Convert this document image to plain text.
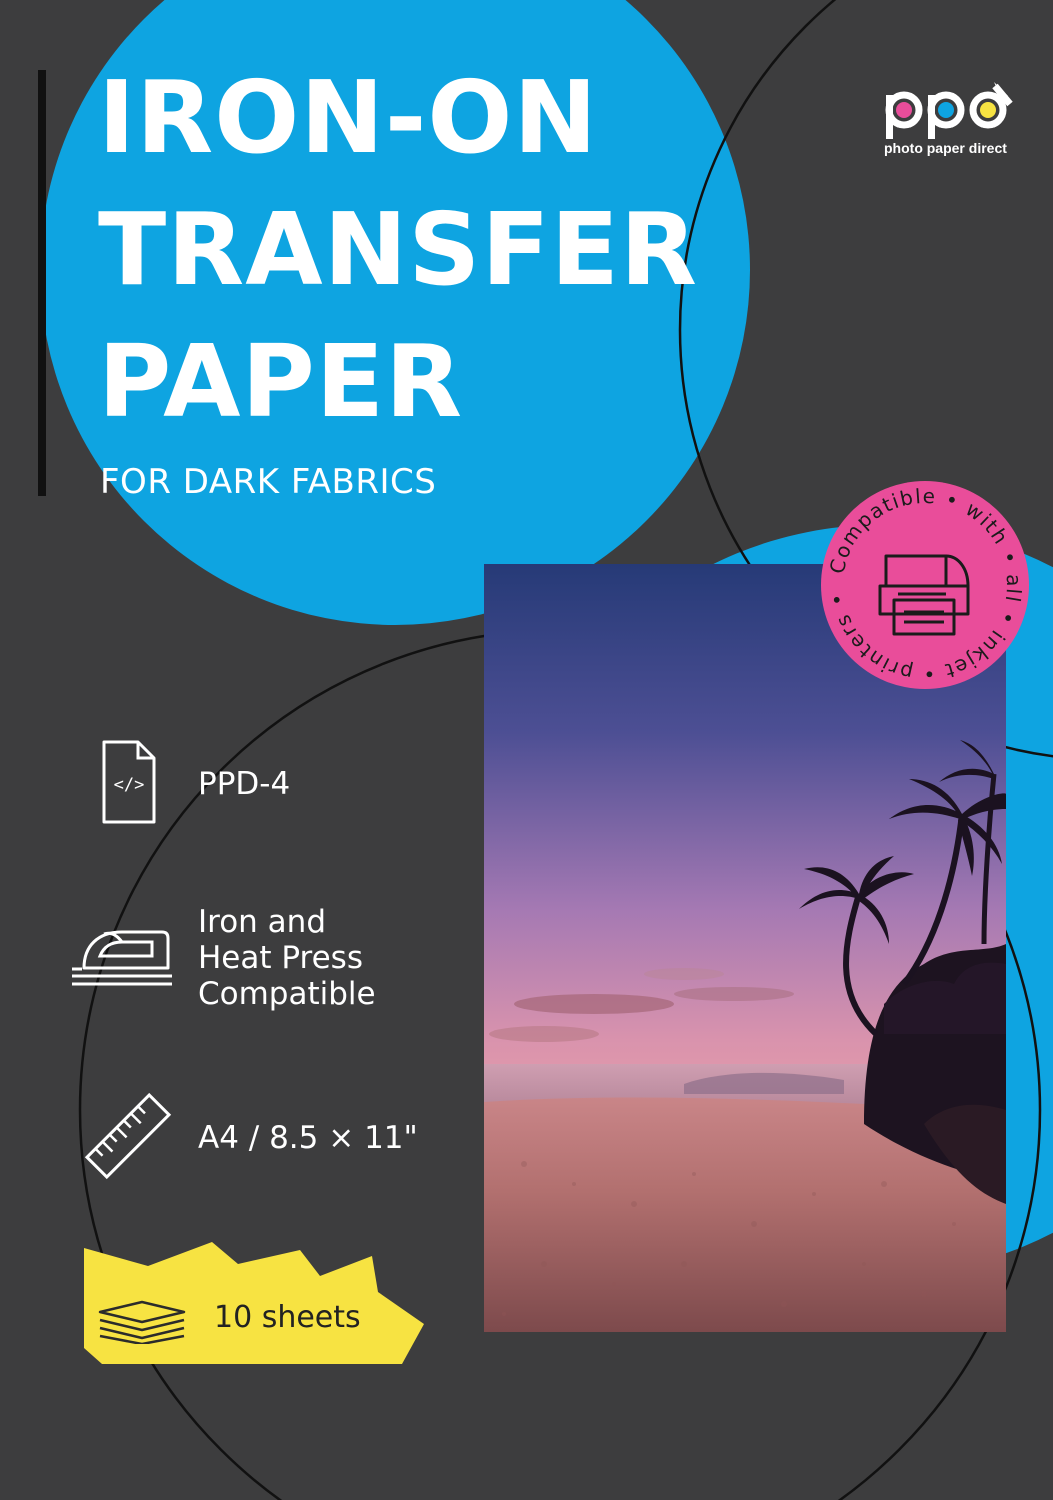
IRON-ON
TRANSFER
PAPER
FOR DARK FABRICS
photo paper direct
</> PPD-4
Iron and
Heat Press
Compatible
A4 / 8.5 × 11"
10 sheets
Compatible • with • all • inkjet • printers •
